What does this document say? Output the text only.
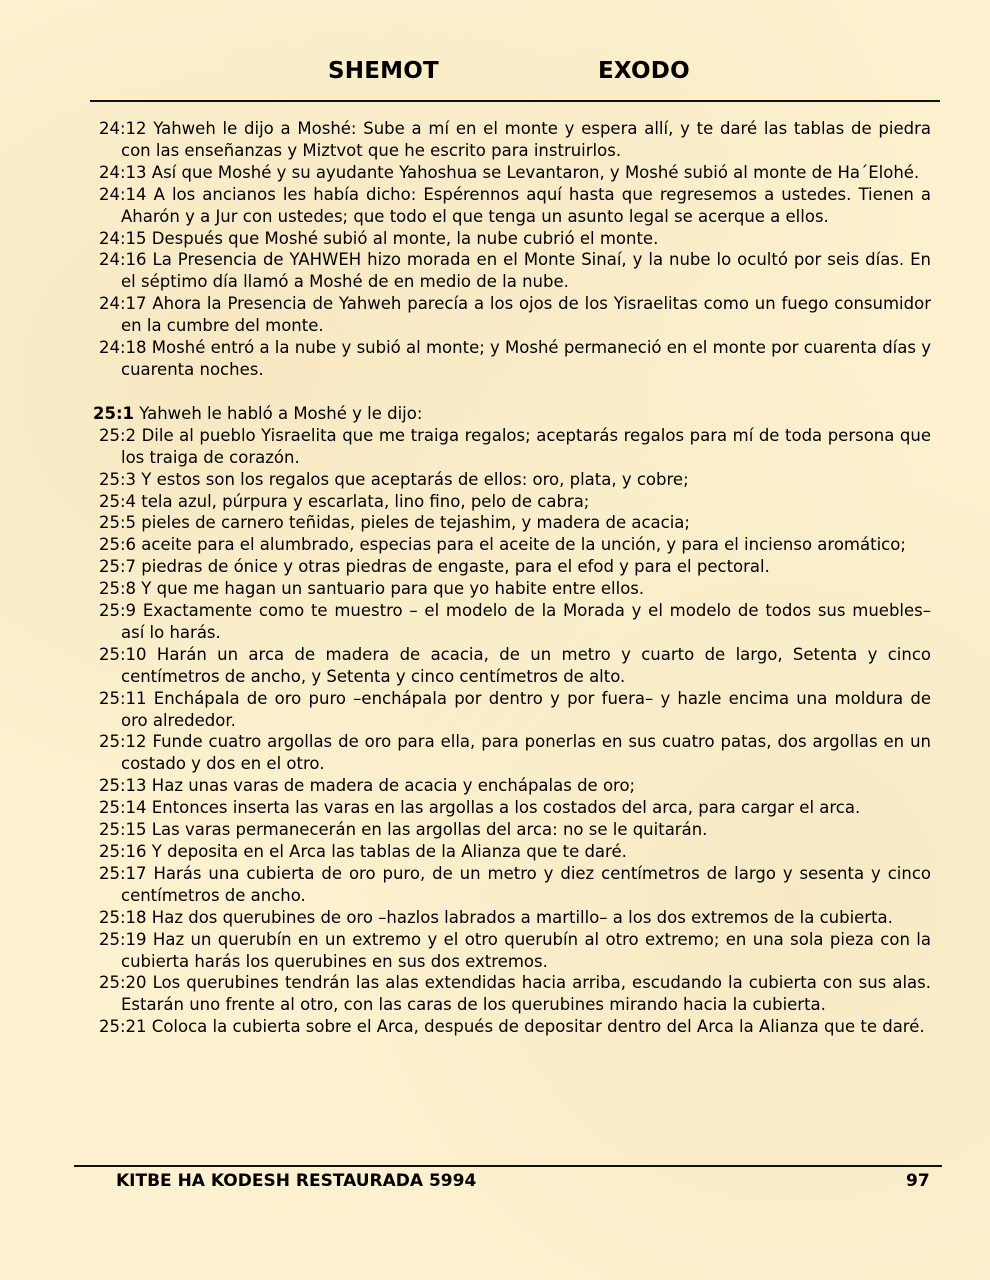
SHEMOT	EXODO

24:12 Yahweh le dijo a Moshé: Sube a mí en el monte y espera allí, y te daré las tablas de piedra con las enseñanzas y Miztvot que he escrito para instruirlos.

24:13 Así que Moshé y su ayudante Yahoshua se Levantaron, y Moshé subió al monte de Ha´Elohé.

24:14 A los ancianos les había dicho: Espérennos aquí hasta que regresemos a ustedes. Tienen a Aharón y a Jur con ustedes; que todo el que tenga un asunto legal se acerque a ellos.

24:15 Después que Moshé subió al monte, la nube cubrió el monte.

24:16 La Presencia de YAHWEH hizo morada en el Monte Sinaí, y la nube lo ocultó por seis días. En el séptimo día llamó a Moshé de en medio de la nube.

24:17 Ahora la Presencia de Yahweh parecía a los ojos de los Yisraelitas como un fuego consumidor en la cumbre del monte.

24:18 Moshé entró a la nube y subió al monte; y Moshé permaneció en el monte por cuarenta días y cuarenta noches.

25:1 Yahweh le habló a Moshé y le dijo:

25:2 Dile al pueblo Yisraelita que me traiga regalos; aceptarás regalos para mí de toda persona que los traiga de corazón.

25:3 Y estos son los regalos que aceptarás de ellos: oro, plata, y cobre;

25:4 tela azul, púrpura y escarlata, lino fino, pelo de cabra;

25:5 pieles de carnero teñidas, pieles de tejashim, y madera de acacia;

25:6 aceite para el alumbrado, especias para el aceite de la unción, y para el incienso aromático;

25:7 piedras de ónice y otras piedras de engaste, para el efod y para el pectoral.

25:8 Y que me hagan un santuario para que yo habite entre ellos.

25:9 Exactamente como te muestro – el modelo de la Morada y el modelo de todos sus muebles– así lo harás.

25:10 Harán un arca de madera de acacia, de un metro y cuarto de largo, Setenta y cinco centímetros de ancho, y Setenta y cinco centímetros de alto.

25:11 Enchápala de oro puro –enchápala por dentro y por fuera– y hazle encima una moldura de oro alrededor.

25:12 Funde cuatro argollas de oro para ella, para ponerlas en sus cuatro patas, dos argollas en un costado y dos en el otro.

25:13 Haz unas varas de madera de acacia y enchápalas de oro;

25:14 Entonces inserta las varas en las argollas a los costados del arca, para cargar el arca.

25:15 Las varas permanecerán en las argollas del arca: no se le quitarán.

25:16 Y deposita en el Arca las tablas de la Alianza que te daré.

25:17 Harás una cubierta de oro puro, de un metro y diez centímetros de largo y sesenta y cinco centímetros de ancho.

25:18 Haz dos querubines de oro –hazlos labrados a martillo– a los dos extremos de la cubierta.

25:19 Haz un querubín en un extremo y el otro querubín al otro extremo; en una sola pieza con la cubierta harás los querubines en sus dos extremos.

25:20 Los querubines tendrán las alas extendidas hacia arriba, escudando la cubierta con sus alas. Estarán uno frente al otro, con las caras de los querubines mirando hacia la cubierta.

25:21 Coloca la cubierta sobre el Arca, después de depositar dentro del Arca la Alianza que te daré.

KITBE HA KODESH RESTAURADA 5994	97
